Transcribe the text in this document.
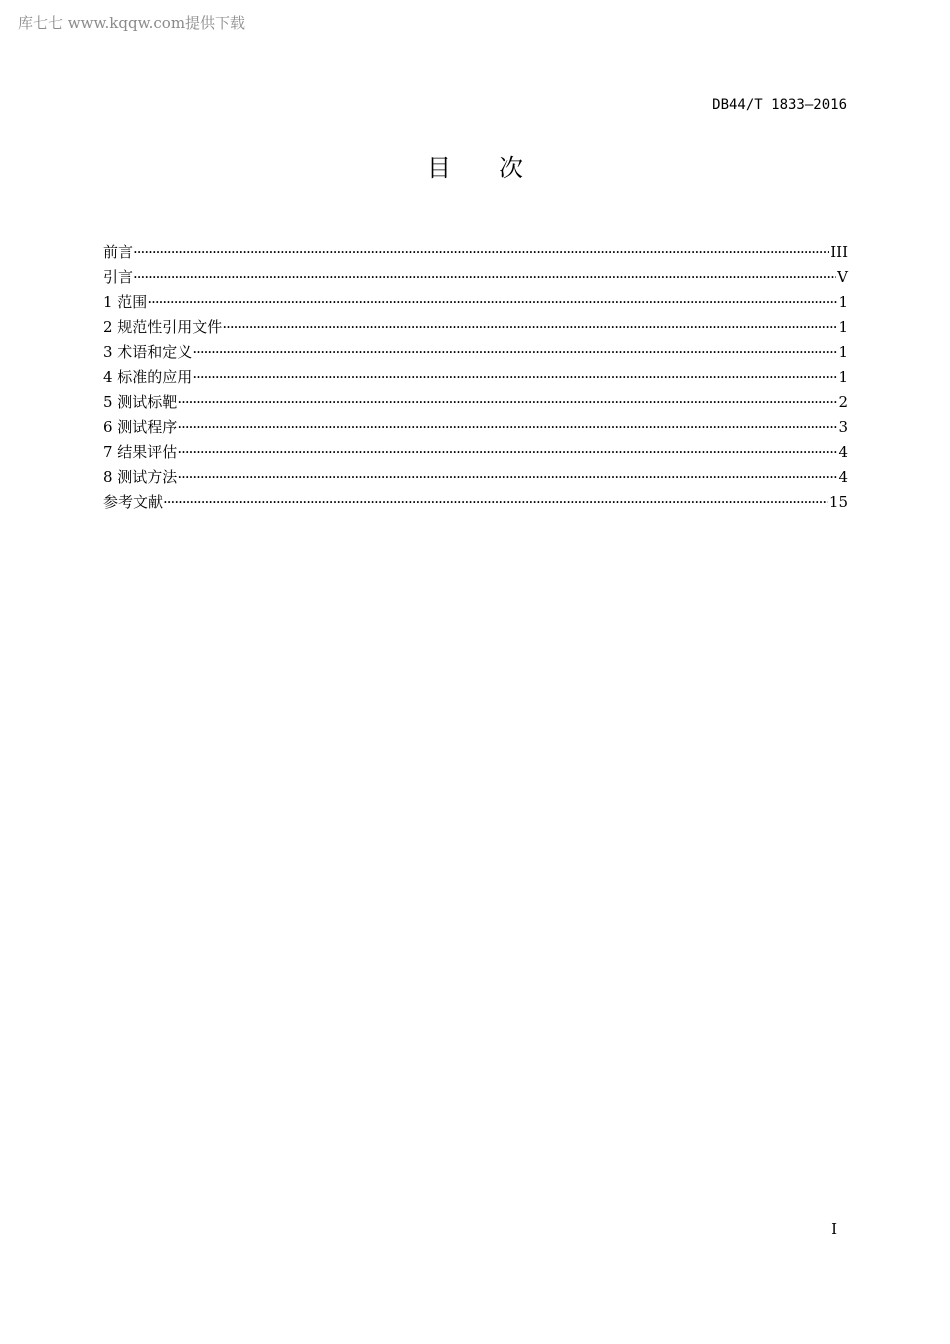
库七七 www.kqqw.com提供下载
DB44/T 1833—2016
目次
前言 ·····	III
引言 ·····	V
1 范围 ·····	1
2 规范性引用文件 ·····	1
3 术语和定义 ·····	1
4 标准的应用 ·····	1
5 测试标靶 ·····	2
6 测试程序 ·····	3
7 结果评估 ·····	4
8 测试方法 ·····	4
参考文献 ·····	15
I
